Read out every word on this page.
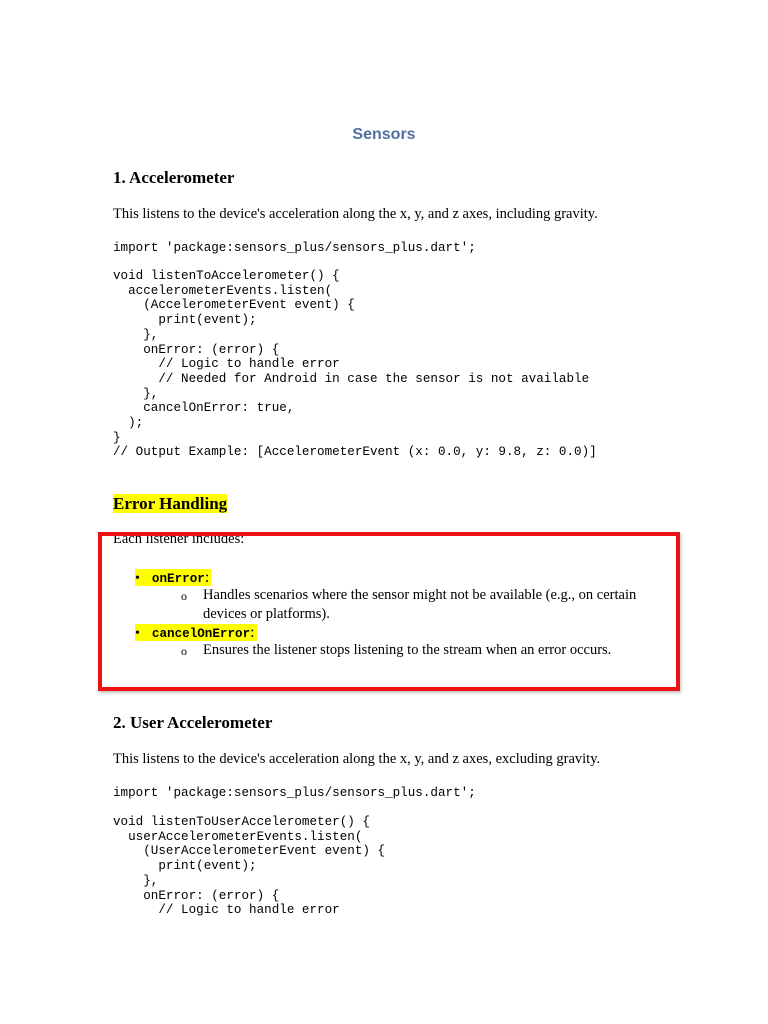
Sensors
1. Accelerometer
This listens to the device's acceleration along the x, y, and z axes, including gravity.
import 'package:sensors_plus/sensors_plus.dart';
void listenToAccelerometer() {
accelerometerEvents.listen(
(AccelerometerEvent event) {
print(event);
},
onError: (error) {
// Logic to handle error
// Needed for Android in case the sensor is not available
},
cancelOnError: true,
);
}
// Output Example: [AccelerometerEvent (x: 0.0, y: 9.8, z: 0.0)]
Error Handling
Each listener includes:
• onError:
o Handles scenarios where the sensor might not be available (e.g., on certain devices or platforms).
• cancelOnError:
o Ensures the listener stops listening to the stream when an error occurs.
2. User Accelerometer
This listens to the device's acceleration along the x, y, and z axes, excluding gravity.
import 'package:sensors_plus/sensors_plus.dart';
void listenToUserAccelerometer() {
userAccelerometerEvents.listen(
(UserAccelerometerEvent event) {
print(event);
},
onError: (error) {
// Logic to handle error
